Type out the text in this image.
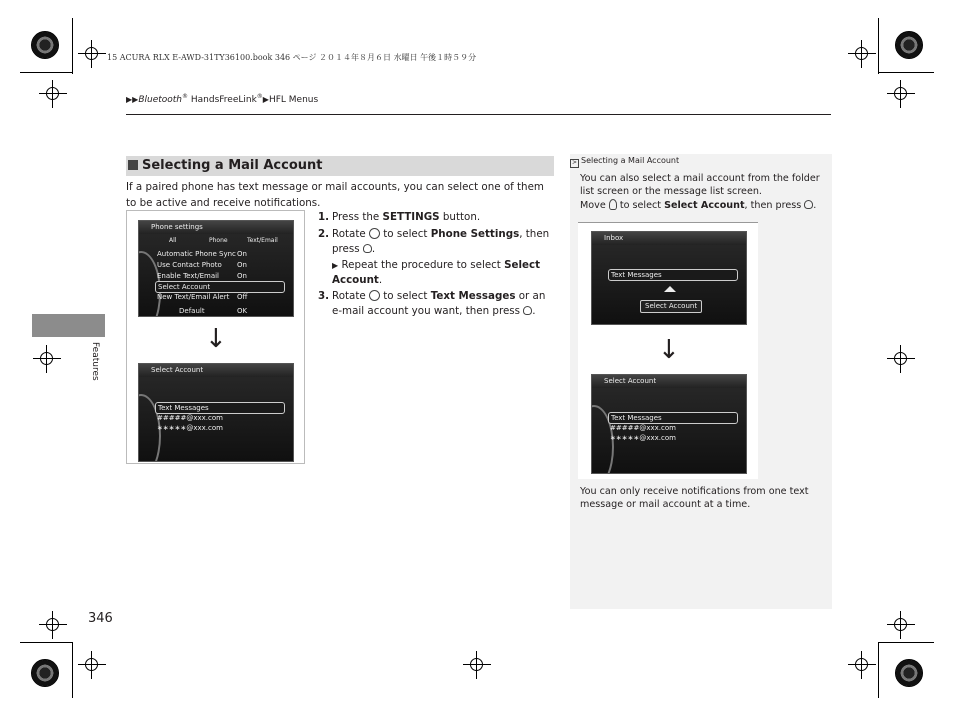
15 ACURA RLX E-AWD-31TY36100.book 346 ページ ２０１４年８月６日 水曜日 午後１時５９分
▶▶Bluetooth® HandsFreeLink®▶HFL Menus
Features
346
Selecting a Mail Account
If a paired phone has text message or mail accounts, you can select one of them to be active and receive notifications.
Phone settings
All	Phone	Text/Email
Automatic Phone Sync On
Use Contact Photo On
Enable Text/Email	On
Select Account
New Text/Email Alert Off
Default	OK
↓
Select Account
Text Messages
#####@xxx.com
∗∗∗∗∗@xxx.com
1. Press the SETTINGS button.
2. Rotate  to select Phone Settings, then press .
▶ Repeat the procedure to select Select Account.
3. Rotate  to select Text Messages or an e-mail account you want, then press .
> Selecting a Mail Account
You can also select a mail account from the folder list screen or the message list screen.
Move  to select Select Account, then press .
Inbox
Text Messages
Select Account
↓
Select Account
Text Messages
#####@xxx.com
∗∗∗∗∗@xxx.com
You can only receive notifications from one text message or mail account at a time.
